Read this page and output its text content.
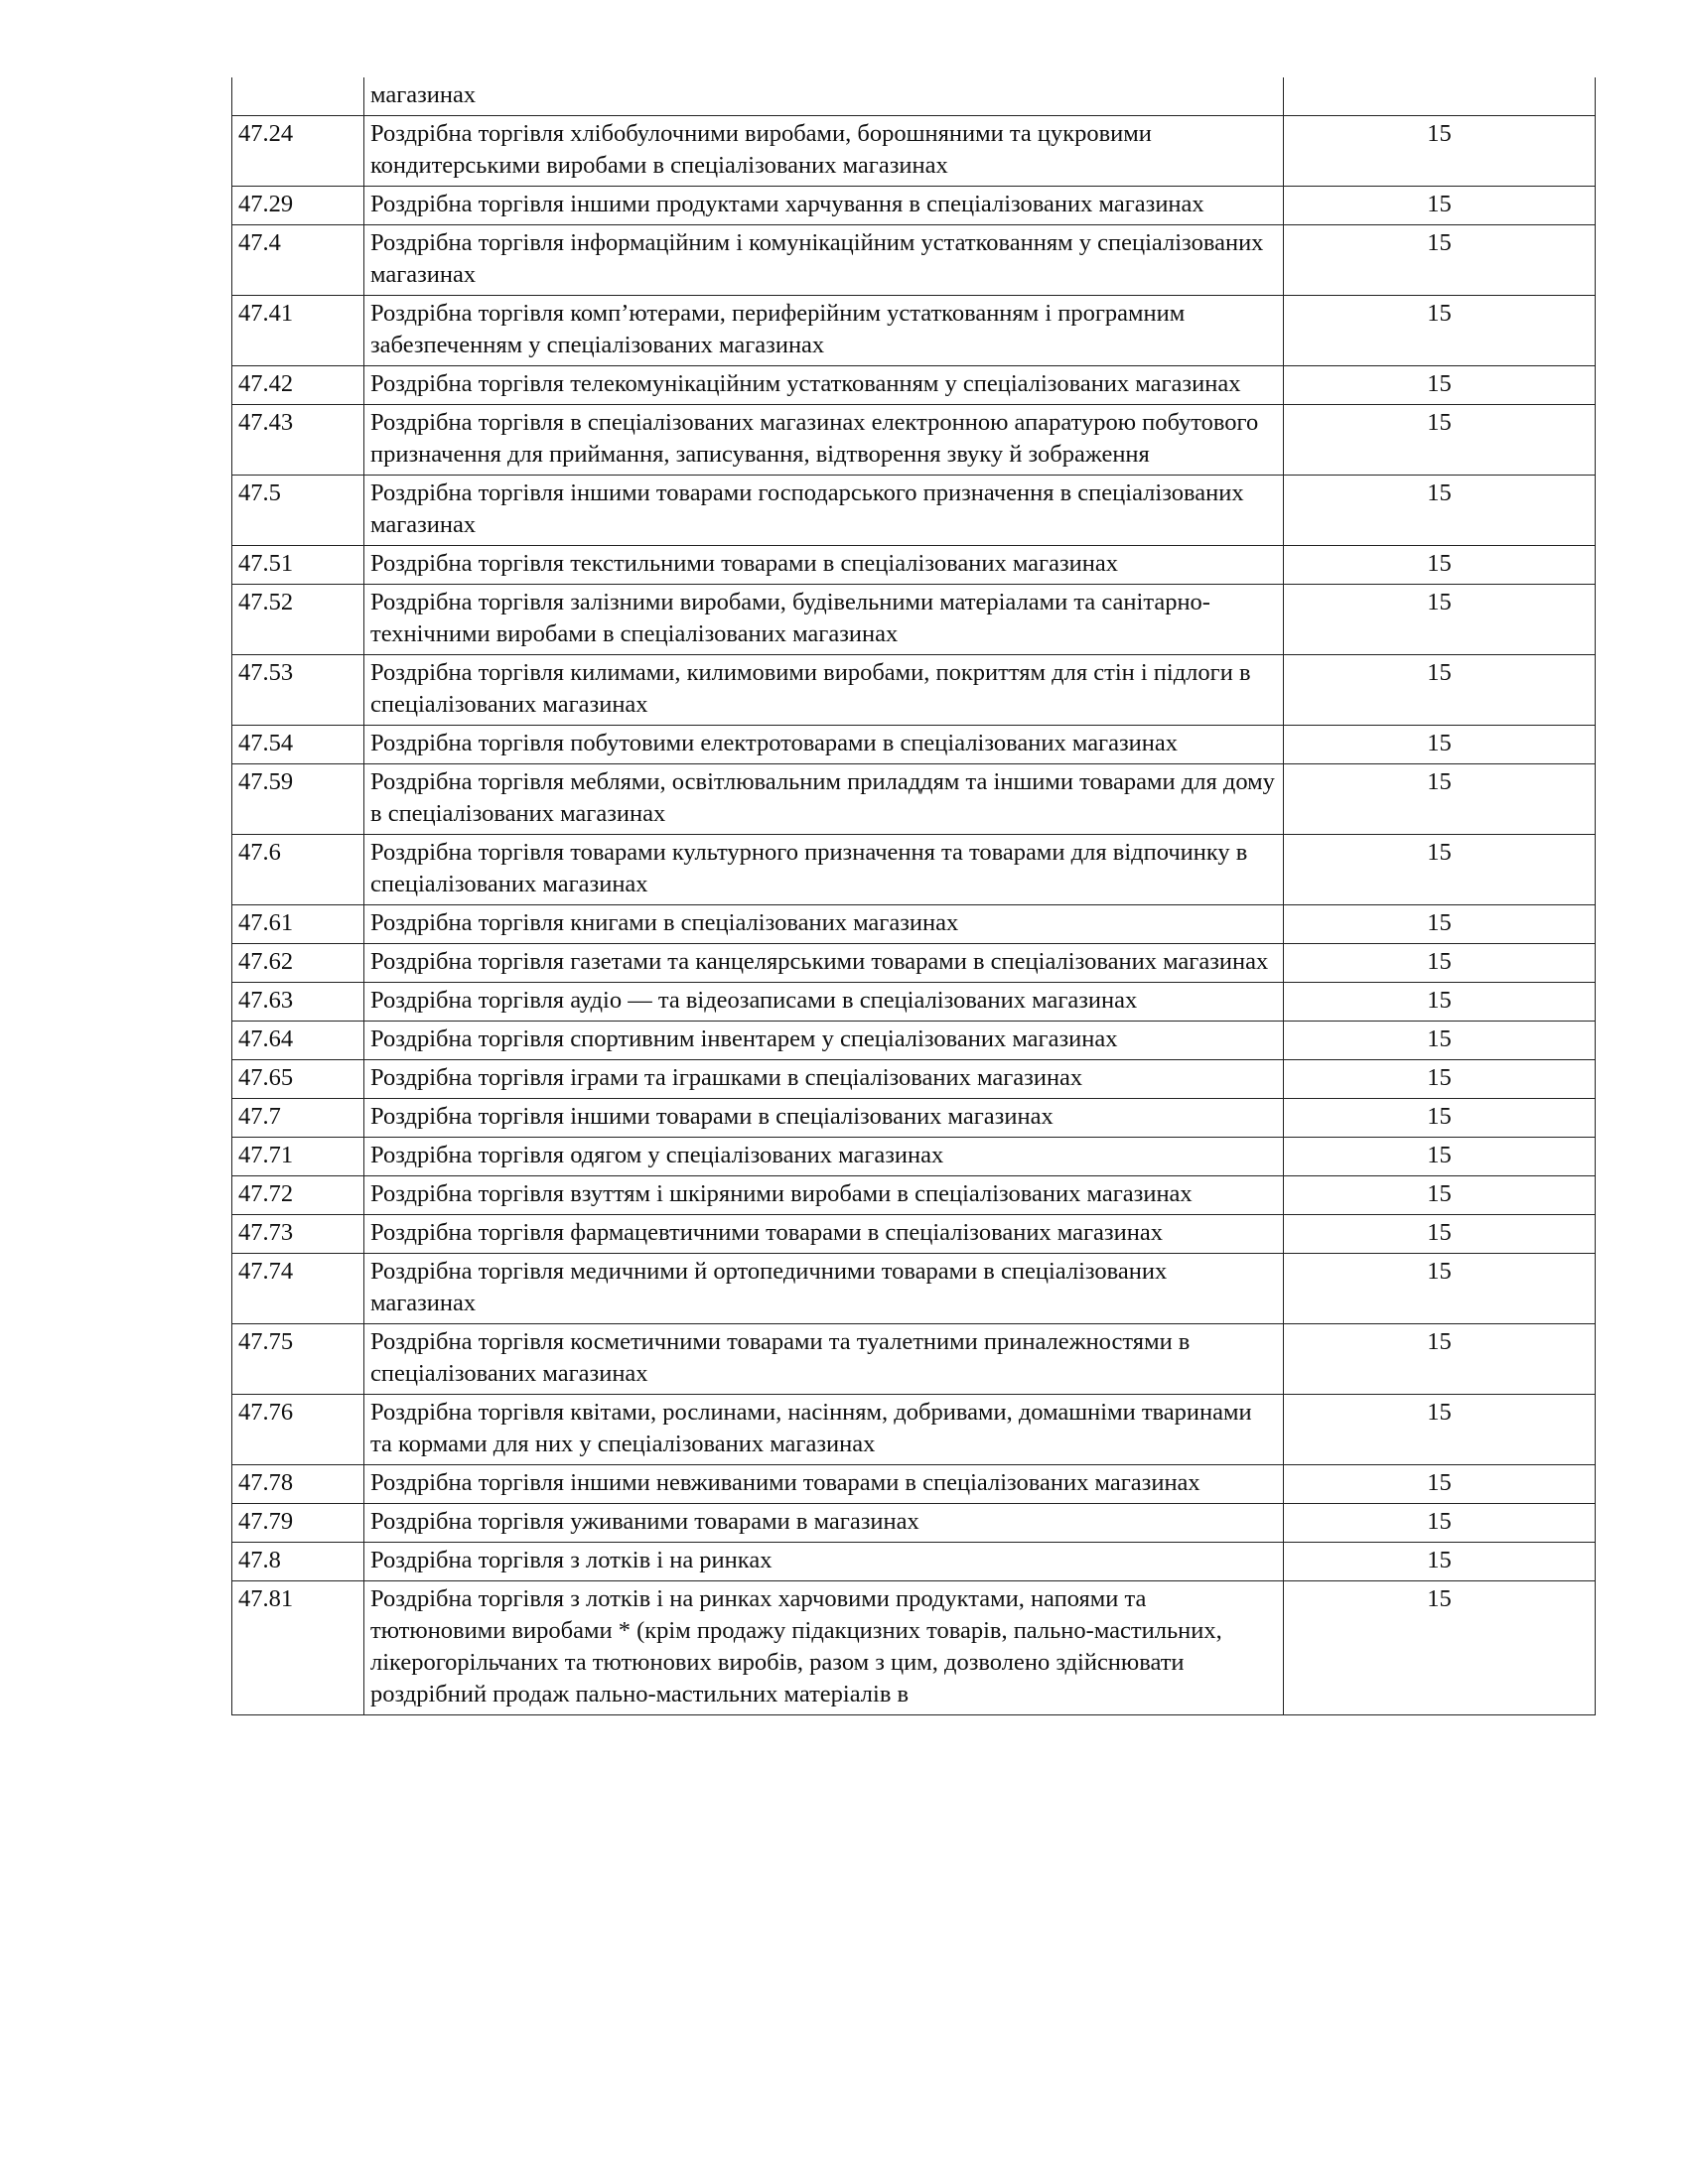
	магазинах	
47.24	Роздрібна торгівля хлібобулочними виробами, борошняними та цукровими кондитерськими виробами в спеціалізованих магазинах	15
47.29	Роздрібна торгівля іншими продуктами харчування в спеціалізованих магазинах	15
47.4	Роздрібна торгівля інформаційним і комунікаційним устаткованням у спеціалізованих магазинах	15
47.41	Роздрібна торгівля комп’ютерами, периферійним устаткованням і програмним забезпеченням у спеціалізованих магазинах	15
47.42	Роздрібна торгівля телекомунікаційним устаткованням у спеціалізованих магазинах	15
47.43	Роздрібна торгівля в спеціалізованих магазинах електронною апаратурою побутового призначення для приймання, записування, відтворення звуку й зображення	15
47.5	Роздрібна торгівля іншими товарами господарського призначення в спеціалізованих магазинах	15
47.51	Роздрібна торгівля текстильними товарами в спеціалізованих магазинах	15
47.52	Роздрібна торгівля залізними виробами, будівельними матеріалами та санітарно-технічними виробами в спеціалізованих магазинах	15
47.53	Роздрібна торгівля килимами, килимовими виробами, покриттям для стін і підлоги в спеціалізованих магазинах	15
47.54	Роздрібна торгівля побутовими електротоварами в спеціалізованих магазинах	15
47.59	Роздрібна торгівля меблями, освітлювальним приладдям та іншими товарами для дому в спеціалізованих магазинах	15
47.6	Роздрібна торгівля товарами культурного призначення та товарами для відпочинку в спеціалізованих магазинах	15
47.61	Роздрібна торгівля книгами в спеціалізованих магазинах	15
47.62	Роздрібна торгівля газетами та канцелярськими товарами в спеціалізованих магазинах	15
47.63	Роздрібна торгівля аудіо — та відеозаписами в спеціалізованих магазинах	15
47.64	Роздрібна торгівля спортивним інвентарем у спеціалізованих магазинах	15
47.65	Роздрібна торгівля іграми та іграшками в спеціалізованих магазинах	15
47.7	Роздрібна торгівля іншими товарами в спеціалізованих магазинах	15
47.71	Роздрібна торгівля одягом у спеціалізованих магазинах	15
47.72	Роздрібна торгівля взуттям і шкіряними виробами в спеціалізованих магазинах	15
47.73	Роздрібна торгівля фармацевтичними товарами в спеціалізованих магазинах	15
47.74	Роздрібна торгівля медичними й ортопедичними товарами в спеціалізованих магазинах	15
47.75	Роздрібна торгівля косметичними товарами та туалетними приналежностями в спеціалізованих магазинах	15
47.76	Роздрібна торгівля квітами, рослинами, насінням, добривами, домашніми тваринами та кормами для них у спеціалізованих магазинах	15
47.78	Роздрібна торгівля іншими невживаними товарами в спеціалізованих магазинах	15
47.79	Роздрібна торгівля уживаними товарами в магазинах	15
47.8	Роздрібна торгівля з лотків і на ринках	15
47.81	Роздрібна торгівля з лотків і на ринках харчовими продуктами, напоями та тютюновими виробами * (крім продажу підакцизних товарів, пально-мастильних, лікерогорільчаних та тютюнових виробів, разом з цим, дозволено здійснювати роздрібний продаж пально-мастильних матеріалів в	15
